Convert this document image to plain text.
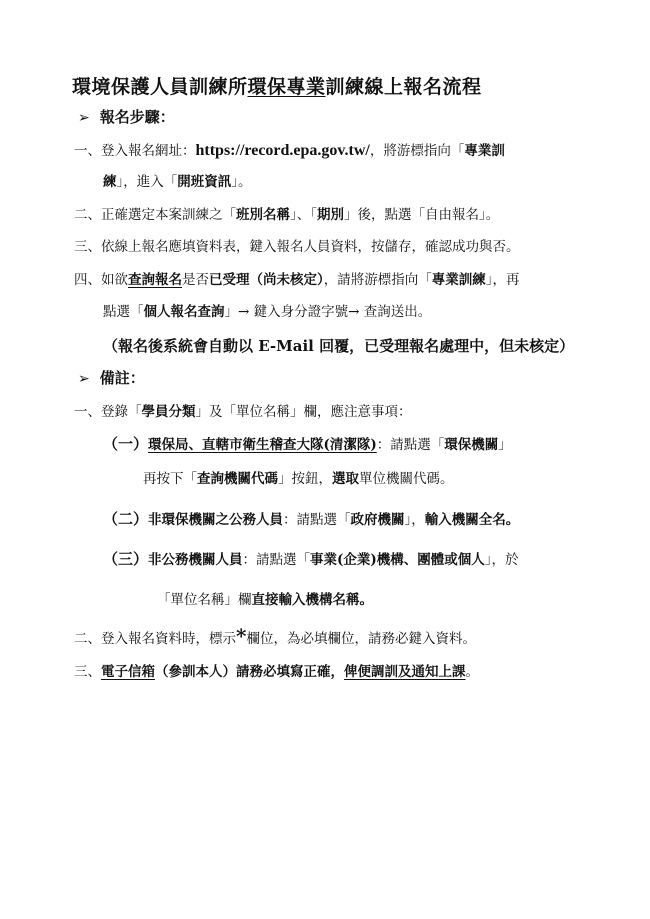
環境保護人員訓練所環保專業訓練線上報名流程
➢ 報名步驟：
一、登入報名網址：https://record.epa.gov.tw/，將游標指向「專業訓
練」，進入「開班資訊」。
二、正確選定本案訓練之「班別名稱」、「期別」後，點選「自由報名」。
三、依線上報名應填資料表，鍵入報名人員資料，按儲存，確認成功與否。
四、如欲查詢報名是否已受理（尚未核定），請將游標指向「專業訓練」，再
點選「個人報名查詢」→ 鍵入身分證字號→ 查詢送出。
（報名後系統會自動以 E-Mail 回覆，已受理報名處理中，但未核定）
➢ 備註：
一、登錄「學員分類」及「單位名稱」欄，應注意事項：
（一）環保局、直轄市衛生稽查大隊(清潔隊)：請點選「環保機關」
再按下「查詢機關代碼」按鈕，選取單位機關代碼。
（二）非環保機關之公務人員：請點選「政府機關」，輸入機關全名。
（三）非公務機關人員：請點選「事業(企業)機構、團體或個人」，於
「單位名稱」欄直接輸入機構名稱。
二、登入報名資料時，標示*欄位，為必填欄位，請務必鍵入資料。
三、電子信箱（參訓本人）請務必填寫正確，俾便調訓及通知上課。
